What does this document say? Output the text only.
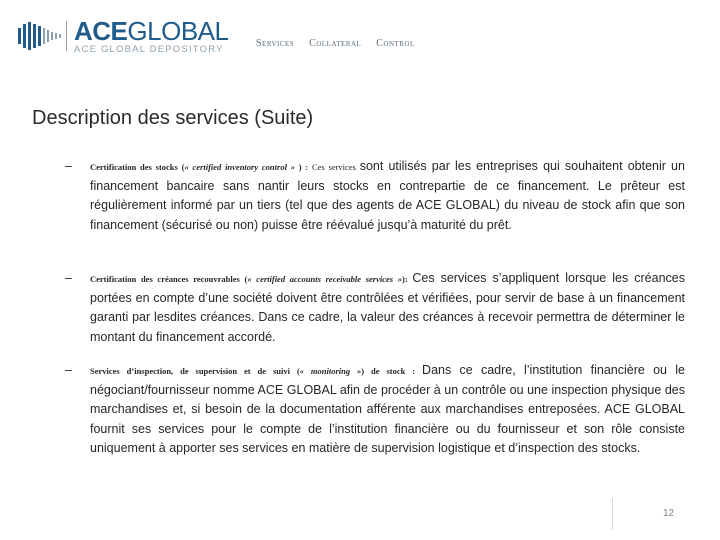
ACEGLOBAL
ACE GLOBAL DEPOSITORY
Services Collateral Control
Description des services (Suite)
– Certification des stocks (« certified inventory control » ) : Ces services sont utilisés par les entreprises qui souhaitent obtenir un financement bancaire sans nantir leurs stocks en contrepartie de ce financement. Le prêteur est régulièrement informé par un tiers (tel que des agents de ACE GLOBAL) du niveau de stock afin que son financement (sécurisé ou non) puisse être réévalué jusqu’à maturité du prêt.
– Certification des créances recouvrables (« certified accounts receivable services »): Ces services s’appliquent lorsque les créances portées en compte d’une société doivent être contrôlées et vérifiées, pour servir de base à un financement garanti par lesdites créances. Dans ce cadre, la valeur des créances à recevoir permettra de déterminer le montant du financement accordé.
– Services d’inspection, de supervision et de suivi (« monitoring ») de stock : Dans ce cadre, l’institution financière ou le négociant/fournisseur nomme ACE GLOBAL afin de procéder à un contrôle ou une inspection physique des marchandises et, si besoin de la documentation afférente aux marchandises entreposées. ACE GLOBAL fournit ses services pour le compte de l’institution financière ou du fournisseur et son rôle consiste uniquement à apporter ses services en matière de supervision logistique et d’inspection des stocks.
12
